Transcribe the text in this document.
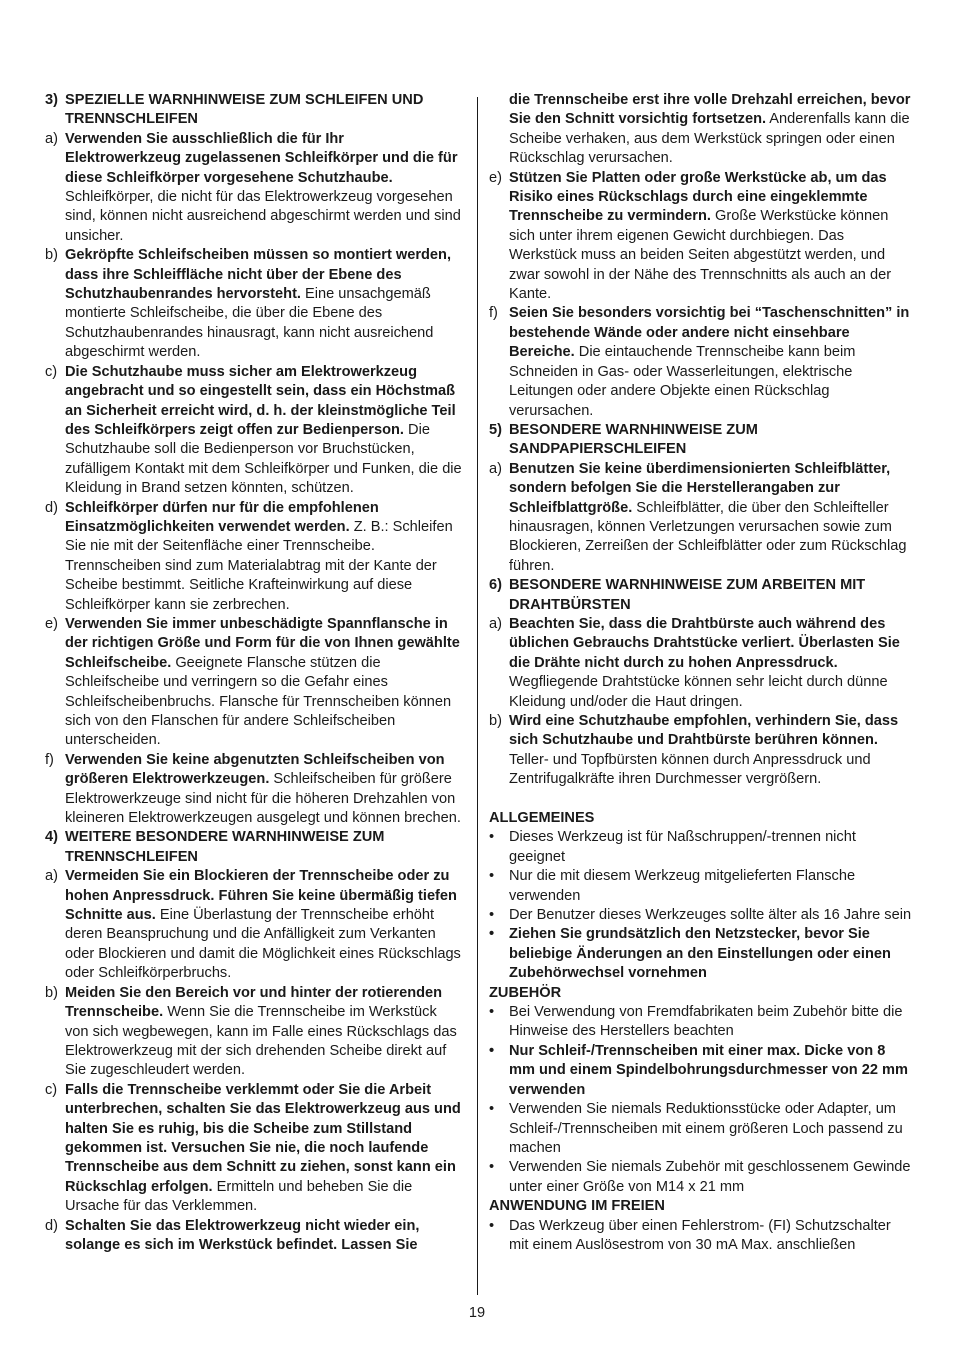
3) SPEZIELLE WARNHINWEISE ZUM SCHLEIFEN UND TRENNSCHLEIFEN
a) Verwenden Sie ausschließlich die für Ihr Elektrowerkzeug zugelassenen Schleifkörper und die für diese Schleifkörper vorgesehene Schutzhaube. Schleifkörper, die nicht für das Elektrowerkzeug vorgesehen sind, können nicht ausreichend abgeschirmt werden und sind unsicher.
b) Gekröpfte Schleifscheiben müssen so montiert werden, dass ihre Schleiffläche nicht über der Ebene des Schutzhaubenrandes hervorsteht. Eine unsachgemäß montierte Schleifscheibe, die über die Ebene des Schutzhaubenrandes hinausragt, kann nicht ausreichend abgeschirmt werden.
c) Die Schutzhaube muss sicher am Elektrowerkzeug angebracht und so eingestellt sein, dass ein Höchstmaß an Sicherheit erreicht wird, d. h. der kleinstmögliche Teil des Schleifkörpers zeigt offen zur Bedienperson. Die Schutzhaube soll die Bedienperson vor Bruchstücken, zufälligem Kontakt mit dem Schleifkörper und Funken, die die Kleidung in Brand setzen könnten, schützen.
d) Schleifkörper dürfen nur für die empfohlenen Einsatzmöglichkeiten verwendet werden. Z. B.: Schleifen Sie nie mit der Seitenfläche einer Trennscheibe. Trennscheiben sind zum Materialabtrag mit der Kante der Scheibe bestimmt. Seitliche Krafteinwirkung auf diese Schleifkörper kann sie zerbrechen.
e) Verwenden Sie immer unbeschädigte Spannflansche in der richtigen Größe und Form für die von Ihnen gewählte Schleifscheibe. Geeignete Flansche stützen die Schleifscheibe und verringern so die Gefahr eines Schleifscheibenbruchs. Flansche für Trennscheiben können sich von den Flanschen für andere Schleifscheiben unterscheiden.
f) Verwenden Sie keine abgenutzten Schleifscheiben von größeren Elektrowerkzeugen. Schleifscheiben für größere Elektrowerkzeuge sind nicht für die höheren Drehzahlen von kleineren Elektrowerkzeugen ausgelegt und können brechen.
4) WEITERE BESONDERE WARNHINWEISE ZUM TRENNSCHLEIFEN
a) Vermeiden Sie ein Blockieren der Trennscheibe oder zu hohen Anpressdruck. Führen Sie keine übermäßig tiefen Schnitte aus. Eine Überlastung der Trennscheibe erhöht deren Beanspruchung und die Anfälligkeit zum Verkanten oder Blockieren und damit die Möglichkeit eines Rückschlags oder Schleifkörperbruchs.
b) Meiden Sie den Bereich vor und hinter der rotierenden Trennscheibe. Wenn Sie die Trennscheibe im Werkstück von sich wegbewegen, kann im Falle eines Rückschlags das Elektrowerkzeug mit der sich drehenden Scheibe direkt auf Sie zugeschleudert werden.
c) Falls die Trennscheibe verklemmt oder Sie die Arbeit unterbrechen, schalten Sie das Elektrowerkzeug aus und halten Sie es ruhig, bis die Scheibe zum Stillstand gekommen ist. Versuchen Sie nie, die noch laufende Trennscheibe aus dem Schnitt zu ziehen, sonst kann ein Rückschlag erfolgen. Ermitteln und beheben Sie die Ursache für das Verklemmen.
d) Schalten Sie das Elektrowerkzeug nicht wieder ein, solange es sich im Werkstück befindet. Lassen Sie
die Trennscheibe erst ihre volle Drehzahl erreichen, bevor Sie den Schnitt vorsichtig fortsetzen. Anderenfalls kann die Scheibe verhaken, aus dem Werkstück springen oder einen Rückschlag verursachen.
e) Stützen Sie Platten oder große Werkstücke ab, um das Risiko eines Rückschlags durch eine eingeklemmte Trennscheibe zu vermindern. Große Werkstücke können sich unter ihrem eigenen Gewicht durchbiegen. Das Werkstück muss an beiden Seiten abgestützt werden, und zwar sowohl in der Nähe des Trennschnitts als auch an der Kante.
f) Seien Sie besonders vorsichtig bei “Taschenschnitten” in bestehende Wände oder andere nicht einsehbare Bereiche. Die eintauchende Trennscheibe kann beim Schneiden in Gas- oder Wasserleitungen, elektrische Leitungen oder andere Objekte einen Rückschlag verursachen.
5) BESONDERE WARNHINWEISE ZUM SANDPAPIERSCHLEIFEN
a) Benutzen Sie keine überdimensionierten Schleifblätter, sondern befolgen Sie die Herstellerangaben zur Schleifblattgröße. Schleifblätter, die über den Schleifteller hinausragen, können Verletzungen verursachen sowie zum Blockieren, Zerreißen der Schleifblätter oder zum Rückschlag führen.
6) BESONDERE WARNHINWEISE ZUM ARBEITEN MIT DRAHTBÜRSTEN
a) Beachten Sie, dass die Drahtbürste auch während des üblichen Gebrauchs Drahtstücke verliert. Überlasten Sie die Drähte nicht durch zu hohen Anpressdruck. Wegfliegende Drahtstücke können sehr leicht durch dünne Kleidung und/oder die Haut dringen.
b) Wird eine Schutzhaube empfohlen, verhindern Sie, dass sich Schutzhaube und Drahtbürste berühren können. Teller- und Topfbürsten können durch Anpressdruck und Zentrifugalkräfte ihren Durchmesser vergrößern.
ALLGEMEINES
• Dieses Werkzeug ist für Naßschruppen/-trennen nicht geeignet
• Nur die mit diesem Werkzeug mitgelieferten Flansche verwenden
• Der Benutzer dieses Werkzeuges sollte älter als 16 Jahre sein
• Ziehen Sie grundsätzlich den Netzstecker, bevor Sie beliebige Änderungen an den Einstellungen oder einen Zubehörwechsel vornehmen
ZUBEHÖR
• Bei Verwendung von Fremdfabrikaten beim Zubehör bitte die Hinweise des Herstellers beachten
• Nur Schleif-/Trennscheiben mit einer max. Dicke von 8 mm und einem Spindelbohrungsdurchmesser von 22 mm verwenden
• Verwenden Sie niemals Reduktionsstücke oder Adapter, um Schleif-/Trennscheiben mit einem größeren Loch passend zu machen
• Verwenden Sie niemals Zubehör mit geschlossenem Gewinde unter einer Größe von M14 x 21 mm
ANWENDUNG IM FREIEN
• Das Werkzeug über einen Fehlerstrom- (FI) Schutzschalter mit einem Auslösestrom von 30 mA Max. anschließen
19
